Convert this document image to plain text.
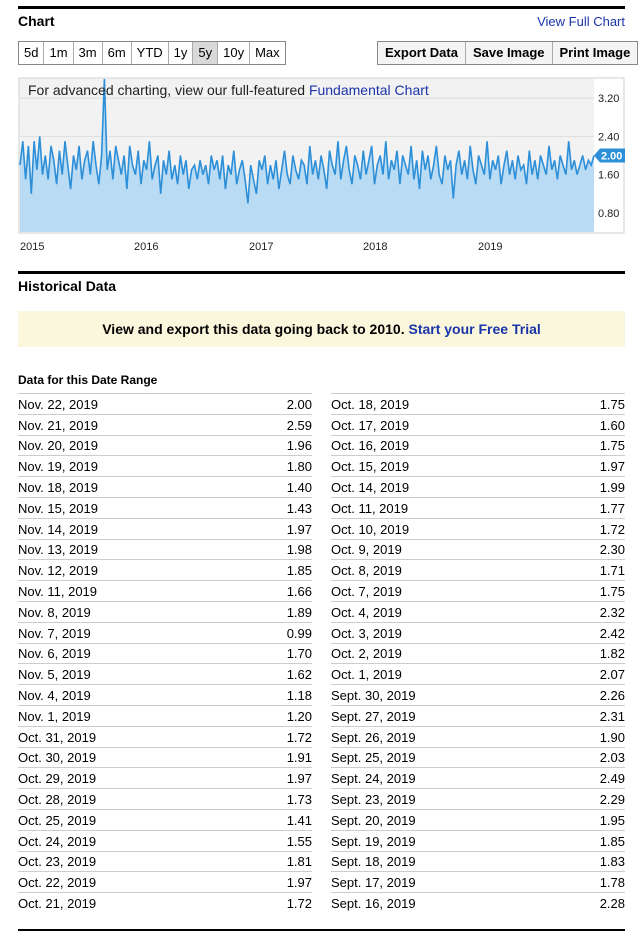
Chart	View Full Chart
5d 1m 3m 6m YTD 1y 5y 10y Max	Export Data	Save Image	Print Image
3.20
2.40
1.60
0.80
2015	2016	2017	2018	2019
2.00
For advanced charting, view our full-featured Fundamental Chart
Historical Data
View and export this data going back to 2010. Start your Free Trial
Data for this Date Range
Nov. 22, 2019	2.00
Nov. 21, 2019	2.59
Nov. 20, 2019	1.96
Nov. 19, 2019	1.80
Nov. 18, 2019	1.40
Nov. 15, 2019	1.43
Nov. 14, 2019	1.97
Nov. 13, 2019	1.98
Nov. 12, 2019	1.85
Nov. 11, 2019	1.66
Nov. 8, 2019	1.89
Nov. 7, 2019	0.99
Nov. 6, 2019	1.70
Nov. 5, 2019	1.62
Nov. 4, 2019	1.18
Nov. 1, 2019	1.20
Oct. 31, 2019	1.72
Oct. 30, 2019	1.91
Oct. 29, 2019	1.97
Oct. 28, 2019	1.73
Oct. 25, 2019	1.41
Oct. 24, 2019	1.55
Oct. 23, 2019	1.81
Oct. 22, 2019	1.97
Oct. 21, 2019	1.72
Oct. 18, 2019	1.75
Oct. 17, 2019	1.60
Oct. 16, 2019	1.75
Oct. 15, 2019	1.97
Oct. 14, 2019	1.99
Oct. 11, 2019	1.77
Oct. 10, 2019	1.72
Oct. 9, 2019	2.30
Oct. 8, 2019	1.71
Oct. 7, 2019	1.75
Oct. 4, 2019	2.32
Oct. 3, 2019	2.42
Oct. 2, 2019	1.82
Oct. 1, 2019	2.07
Sept. 30, 2019	2.26
Sept. 27, 2019	2.31
Sept. 26, 2019	1.90
Sept. 25, 2019	2.03
Sept. 24, 2019	2.49
Sept. 23, 2019	2.29
Sept. 20, 2019	1.95
Sept. 19, 2019	1.85
Sept. 18, 2019	1.83
Sept. 17, 2019	1.78
Sept. 16, 2019	2.28
